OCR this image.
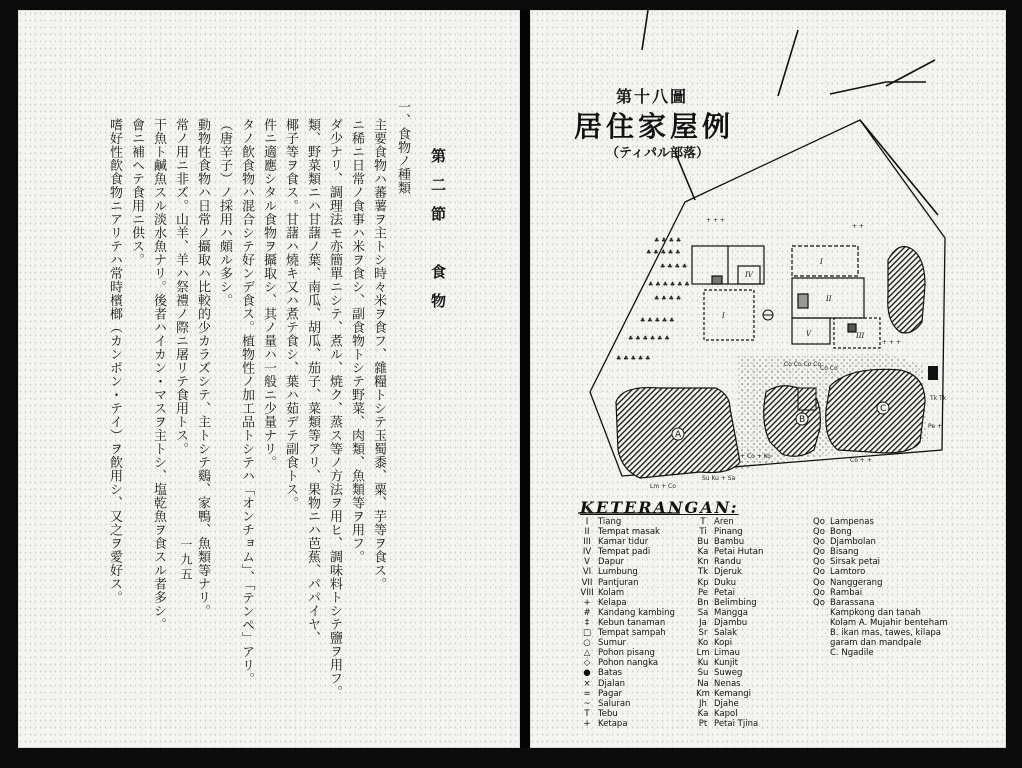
第二節　食物
一、食物ノ種類
主要食物ハ蕃薯ヲ主トシ時々米ヲ食フ、雜糧トシテ玉蜀黍、粟、芋等ヲ食ス。
ニ稀ニ日常ノ食事ハ米ヲ食シ、副食物トシテ野菜、肉類、魚類等ヲ用フ。
ダ少ナリ、調理法モ亦簡單ニシテ、煮ル、焼ク、蒸ス等ノ方法ヲ用ヒ、調味料トシテ鹽ヲ用フ。
類、野菜類ニハ甘藷ノ葉、南瓜、胡瓜、茄子、菜類等アリ、果物ニハ芭蕉、パパイヤ、
椰子等ヲ食ス。甘藷ハ燒キ又ハ煮テ食シ、葉ハ茹デテ副食トス。
件ニ適應シタル食物ヲ攝取シ、其ノ量ハ一般ニ少量ナリ。
タノ飮食物ハ混合シテ好ンデ食ス。植物性ノ加工品トシテハ「オンチョム」、「テンペ」アリ。
（唐辛子）ノ採用ハ頗ル多シ。
動物性食物ハ日常ノ攝取ハ比較的少カラズシテ、主トシテ鷄、家鴨、魚類等ナリ。
常ノ用ニ非ズ。山羊、羊ハ祭禮ノ際ニ屠リテ食用トス。
干魚ト鹹魚スル淡水魚ナリ。後者ハイカン・マスヲ主トシ、塩乾魚ヲ食スル者多シ。
會ニ補ヘテ食用ニ供ス。
嗜好性飮食物ニアリテハ常時檳榔（カンポン・テイ）ヲ飮用シ、又之ヲ愛好ス。	一九五
第十八圖
居住家屋例
（ティパル部落）
A
B
C
IV
I
I
II
V	III
♣ ♣ ♣ ♣
♣ ♣ ♣ ♣ ♣
♣ ♣ ♣ ♣
♣ ♣ ♣ ♣ ♣ ♣
♣ ♣ ♣ ♣
♣ ♣ ♣ ♣ ♣
♣ ♣ ♣ ♣ ♣ ♣
♣ ♣ ♣ ♣ ♣
+ + +
+ +
+ + +
Co Co Co Co
Co Co
Tk Tk
Pe +
+ Co + Ko
Co + +
Su Ku + Sa
Lm + Co
KETERANGAN:
I	Tiang
II	Tempat masak
III Kamar tidur
IV Tempat padi
V Dapur
VI Lumbung
VII Pantjuran
VIII Kolam
+ Kelapa
# Kandang kambing
‡	Kebun tanaman
□ Tempat sampah
○ Sumur
△ Pohon pisang
◇ Pohon nangka
● Batas
× Djalan
= Pagar
~ Saluran
T Tebu
+ Ketapa
T Aren
Ti Pinang
Bu Bambu
Ka Petai Hutan
Kn Randu
Tk Djeruk
Kp Duku
Pe Petai
Bn Belimbing
Sa Mangga
Ja Djambu
Sr Salak
Ko Kopi
Lm Limau
Ku Kunjit
Su Suweg
Na Nenas
Km Kemangi
Jh Djahe
Ka Kapol
Pt Petai Tjina
Qo Lampenas
Qo Bong
Qo Djambolan
Qo Bisang
Qo Sirsak petai
Qo Lamtoro
Qo Nanggerang
Qo Rambai
Qo Barassana
Kampkong dan tanah
Kolam A. Mujahir benteham
B. ikan mas, tawes, kilapa
garam dan mandpale
C. Ngadile
